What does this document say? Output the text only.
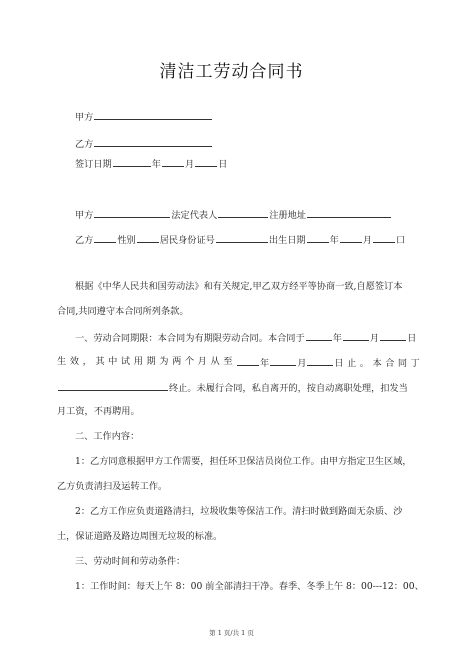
清洁工劳动合同书
甲方
乙方
签订日期	年	月	日
甲方	法定代表人	注册地址
乙方	性别	居民身份证号	出生日期	年	月	口
根据《中华人民共和国劳动法》和有关规定,甲乙双方经平等协商一致,自愿签订本
合同,共同遵守本合同所列条款。
一、劳动合同期限：本合同为有期限劳动合同。本合同于	年	月	日
生效，其中试用期为两个月从至	年	月	日止。本合同丁
终止。未履行合同，私自离开的，按自动离职处理，扣发当
月工资，不再聘用。
二、工作内容：
1：乙方同意根据甲方工作需要，担任环卫保洁员岗位工作。由甲方指定卫生区域，
乙方负责清扫及运转工作。
2：乙方工作应负责道路清扫，垃圾收集等保洁工作。清扫时做到路面无杂质、沙
土，保证道路及路边周围无垃圾的标准。
三、劳动时间和劳动条件：
1：工作时间：每天上午 8：00 前全部清扫干净。春季、冬季上午 8：00---12：00、
第 1 页/共 1 页
